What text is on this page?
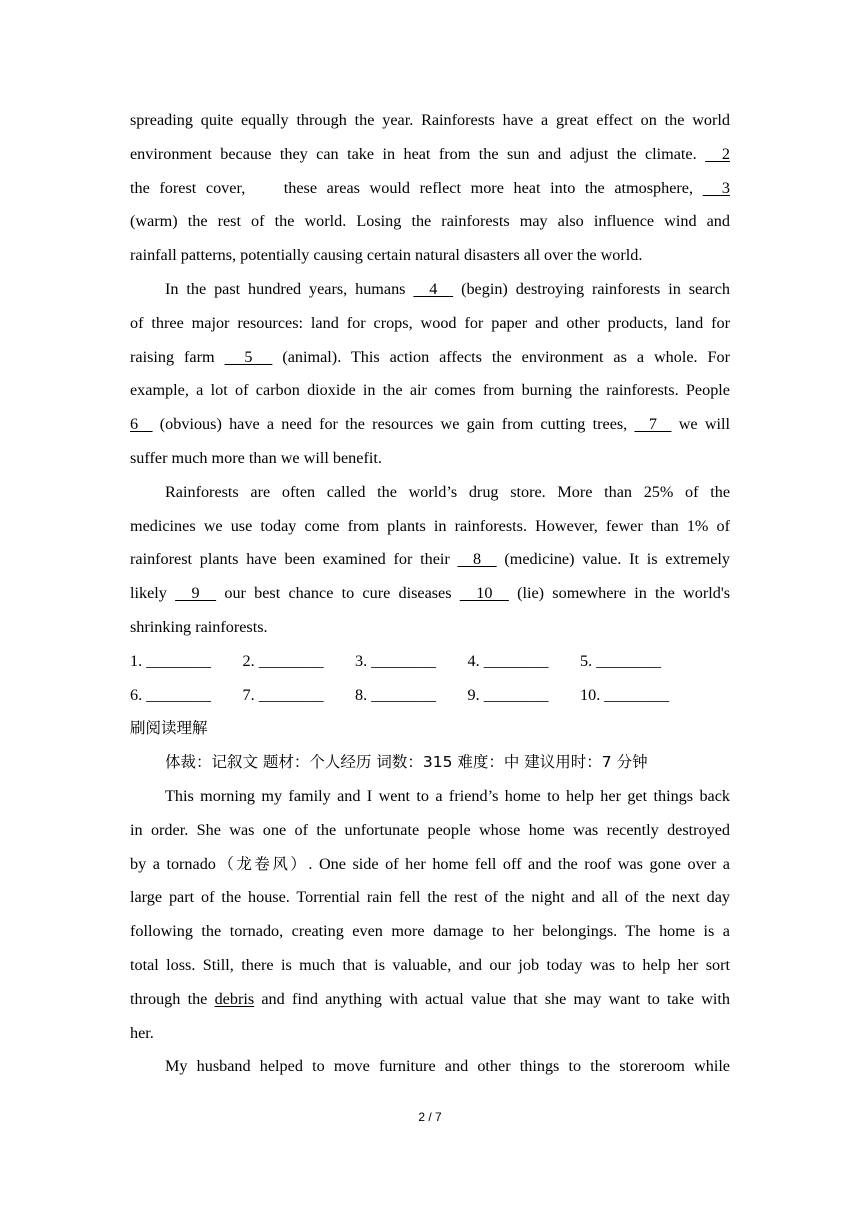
spreading quite equally through the year. Rainforests have a great effect on the world
environment because they can take in heat from the sun and adjust the climate.   2
the forest cover,    these areas would reflect more heat into the atmosphere,   3
(warm) the rest of the world. Losing the rainforests may also influence wind and
rainfall patterns, potentially causing certain natural disasters all over the world.
In the past hundred years, humans   4   (begin) destroying rainforests in search
of three major resources: land for crops, wood for paper and other products, land for
raising farm   5   (animal). This action affects the environment as a whole. For
example, a lot of carbon dioxide in the air comes from burning the rainforests. People
6   (obvious) have a need for the resources we gain from cutting trees,   7   we will
suffer much more than we will benefit.
Rainforests are often called the world’s drug store. More than 25% of the
medicines we use today come from plants in rainforests. However, fewer than 1% of
rainforest plants have been examined for their   8   (medicine) value. It is extremely
likely   9   our best chance to cure diseases   10   (lie) somewhere in the world's
shrinking rainforests.
1. ________ 2. ________ 3. ________ 4. ________ 5. ________
6. ________ 7. ________ 8. ________ 9. ________ 10. ________
刷阅读理解
体裁：记叙文 题材：个人经历 词数：315 难度：中 建议用时：7 分钟
This morning my family and I went to a friend’s home to help her get things back
in order. She was one of the unfortunate people whose home was recently destroyed
by a tornado（龙卷风）. One side of her home fell off and the roof was gone over a
large part of the house. Torrential rain fell the rest of the night and all of the next day
following the tornado, creating even more damage to her belongings. The home is a
total loss. Still, there is much that is valuable, and our job today was to help her sort
through the debris and find anything with actual value that she may want to take with
her.
My husband helped to move furniture and other things to the storeroom while
2 / 7
